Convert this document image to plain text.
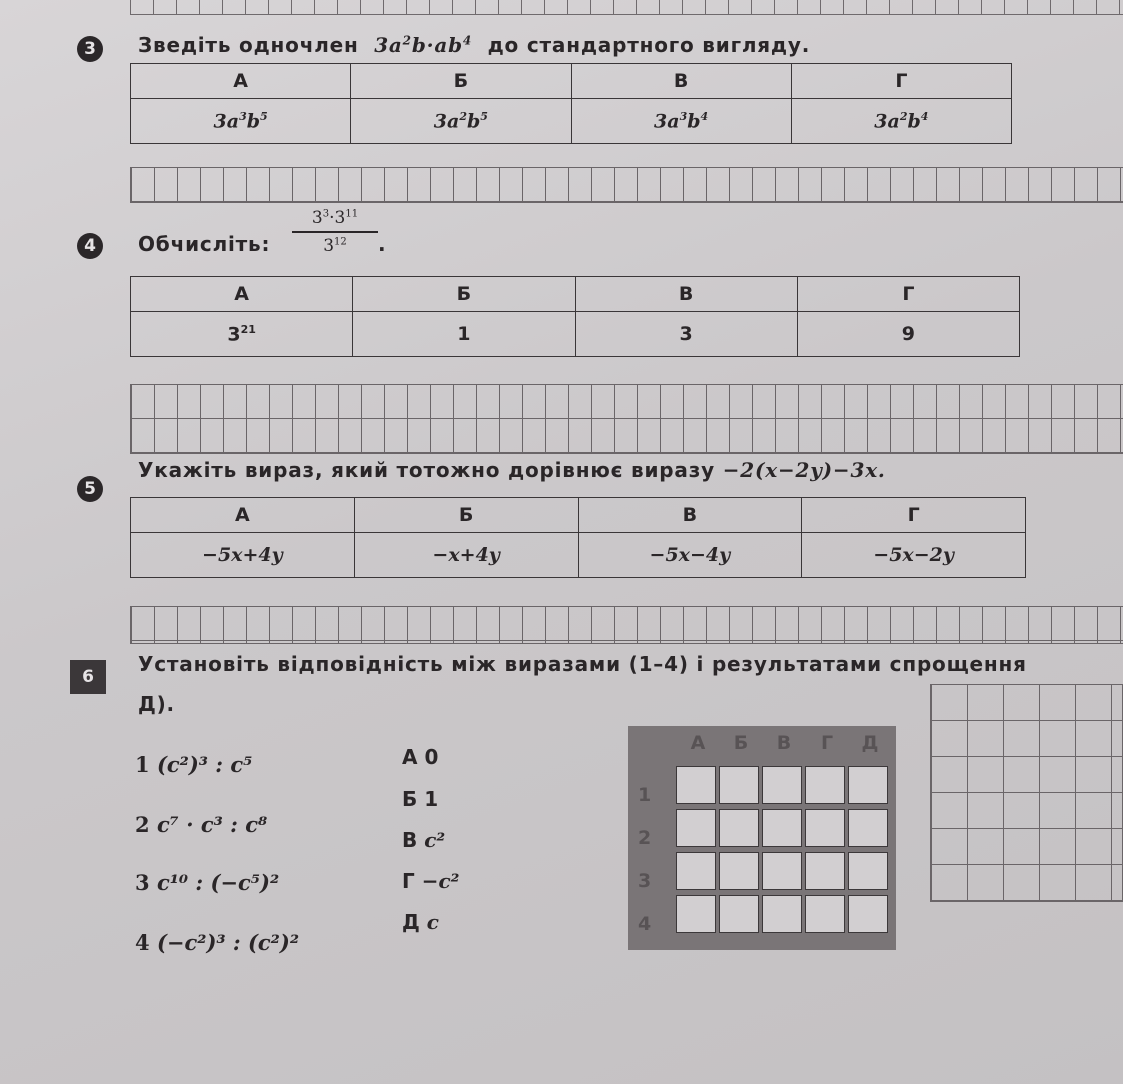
3	Зведіть одночлен $3a^2b\cdot ab^4$ до стандартного вигляду.
А	Б	В	Г
$3a^3b^5$	$3a^2b^5$	$3a^3b^4$	$3a^2b^4$
4	Обчисліть:
$3^3\cdot 3^{11}$
$3^{12}$	.
А	Б	В	Г
$3^{21}$	1	3	9
5
Укажіть вираз, який тотожно дорівнює виразу −2(x−2y)−3x.
А	Б	В	Г
−5x+4y	−x+4y	−5x−4y	−5x−2y
6
Установіть відповідність між виразами (1–4) і результатами спрощення
Д).
1 (c²)³ : c⁵
2 c⁷ · c³ : c⁸
3 c¹⁰ : (−c⁵)²
4 (−c²)³ : (c²)²
А 0
Б 1
В c²
Г −c²
Д c
А	Б	В	Г	Д
1
2
3
4
